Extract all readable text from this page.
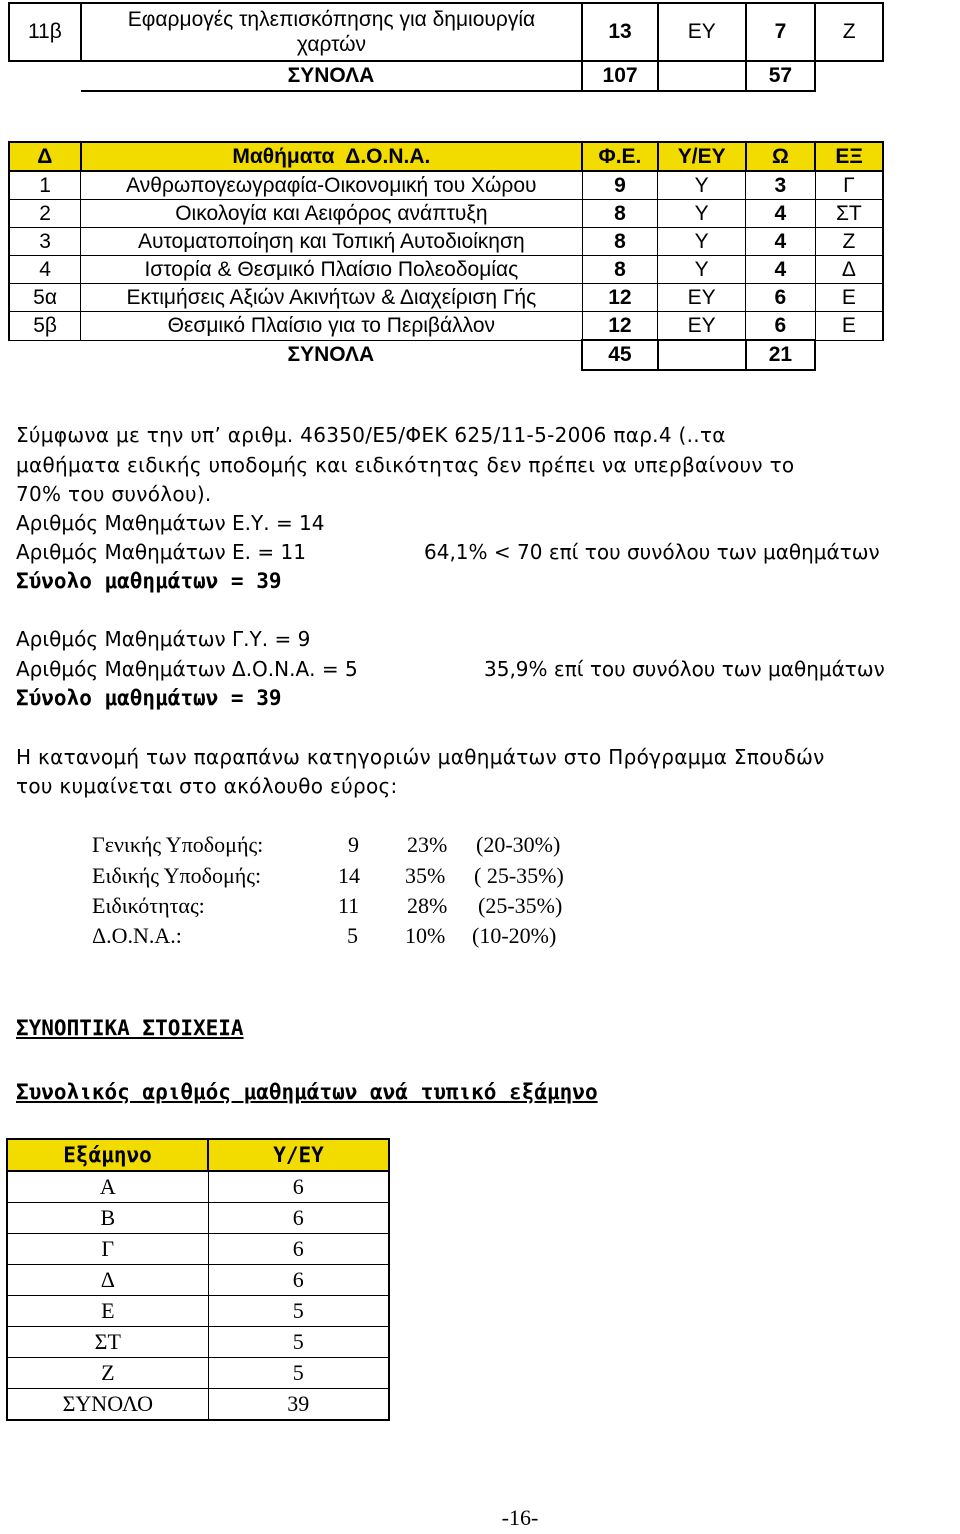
11β	Εφαρμογές τηλεπισκόπησης για δημιουργία
χαρτών	13	ΕΥ	7	Ζ
	ΣΥΝΟΛΑ	107		57	
Δ	Μαθήματα  Δ.Ο.Ν.Α.	Φ.Ε.	Υ/ΕΥ	Ω	ΕΞ
1	Ανθρωπογεωγραφία-Οικονομική του Χώρου	9	Υ	3	Γ
2	Οικολογία και Αειφόρος ανάπτυξη	8	Υ	4	ΣΤ
3	Αυτοματοποίηση και Τοπική Αυτοδιοίκηση	8	Υ	4	Ζ
4	Ιστορία & Θεσμικό Πλαίσιο Πολεοδομίας	8	Υ	4	Δ
5α	Εκτιμήσεις Αξιών Ακινήτων & Διαχείριση Γής	12	ΕΥ	6	Ε
5β	Θεσμικό Πλαίσιο για το Περιβάλλον	12	ΕΥ	6	Ε
	ΣΥΝΟΛΑ	45		21	
Σύμφωνα με την υπ’ αριθμ. 46350/Ε5/ΦΕΚ 625/11-5-2006 παρ.4 (..τα
μαθήματα ειδικής υποδομής και ειδικότητας δεν πρέπει να υπερβαίνουν το
70% του συνόλου).
Αριθμός Μαθημάτων Ε.Υ. = 14
Αριθμός Μαθημάτων Ε. = 11	64,1% < 70 επί του συνόλου των μαθημάτων
Σύνολο μαθημάτων = 39
Αριθμός Μαθημάτων Γ.Υ. = 9
Αριθμός Μαθημάτων Δ.Ο.Ν.Α. = 5	35,9% επί του συνόλου των μαθημάτων
Σύνολο μαθημάτων = 39
Η κατανομή των παραπάνω κατηγοριών μαθημάτων στο Πρόγραμμα Σπουδών
του κυμαίνεται στο ακόλουθο εύρος:
Γενικής Υποδομής:	9 23% (20-30%)
Ειδικής Υποδομής:	14 35% ( 25-35%)
Ειδικότητας:	11 28% (25-35%)
Δ.Ο.Ν.Α.:	5 10% (10-20%)
ΣΥΝΟΠΤΙΚΑ ΣΤΟΙΧΕΙΑ
Συνολικός αριθμός μαθημάτων ανά τυπικό εξάμηνο
Εξάμηνο	Υ/ΕΥ
Α	6
Β	6
Γ	6
Δ	6
Ε	5
ΣΤ	5
Ζ	5
ΣΥΝΟΛΟ	39
-16-
